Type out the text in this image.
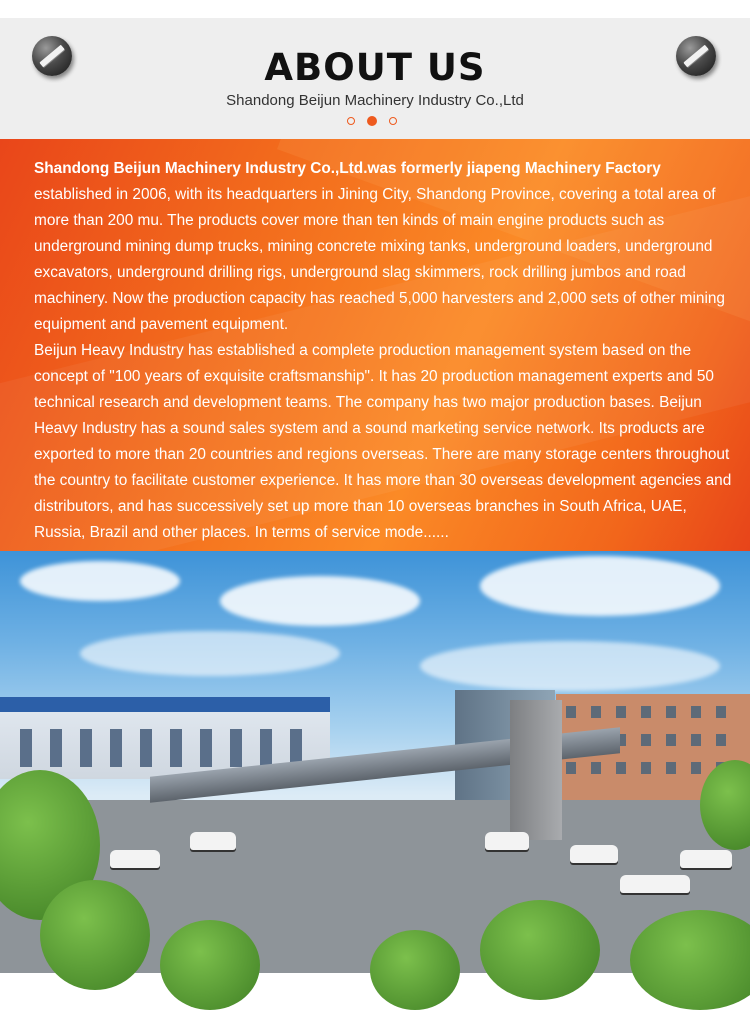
ABOUT US
Shandong Beijun Machinery Industry Co.,Ltd

Shandong Beijun Machinery Industry Co.,Ltd.was formerly jiapeng Machinery Factory
established in 2006, with its headquarters in Jining City, Shandong Province, covering a total area of more than 200 mu. The products cover more than ten kinds of main engine products such as underground mining dump trucks, mining concrete mixing tanks, underground loaders, underground excavators, underground drilling rigs, underground slag skimmers, rock drilling jumbos and road machinery. Now the production capacity has reached 5,000 harvesters and 2,000 sets of other mining equipment and pavement equipment.

Beijun Heavy Industry has established a complete production management system based on the concept of "100 years of exquisite craftsmanship". It has 20 production management experts and 50 technical research and development teams. The company has two major production bases. Beijun Heavy Industry has a sound sales system and a sound marketing service network. Its products are exported to more than 20 countries and regions overseas. There are many storage centers throughout the country to facilitate customer experience. It has more than 30 overseas development agencies and distributors, and has successively set up more than 10 overseas branches in South Africa, UAE, Russia, Brazil and other places. In terms of service mode......
